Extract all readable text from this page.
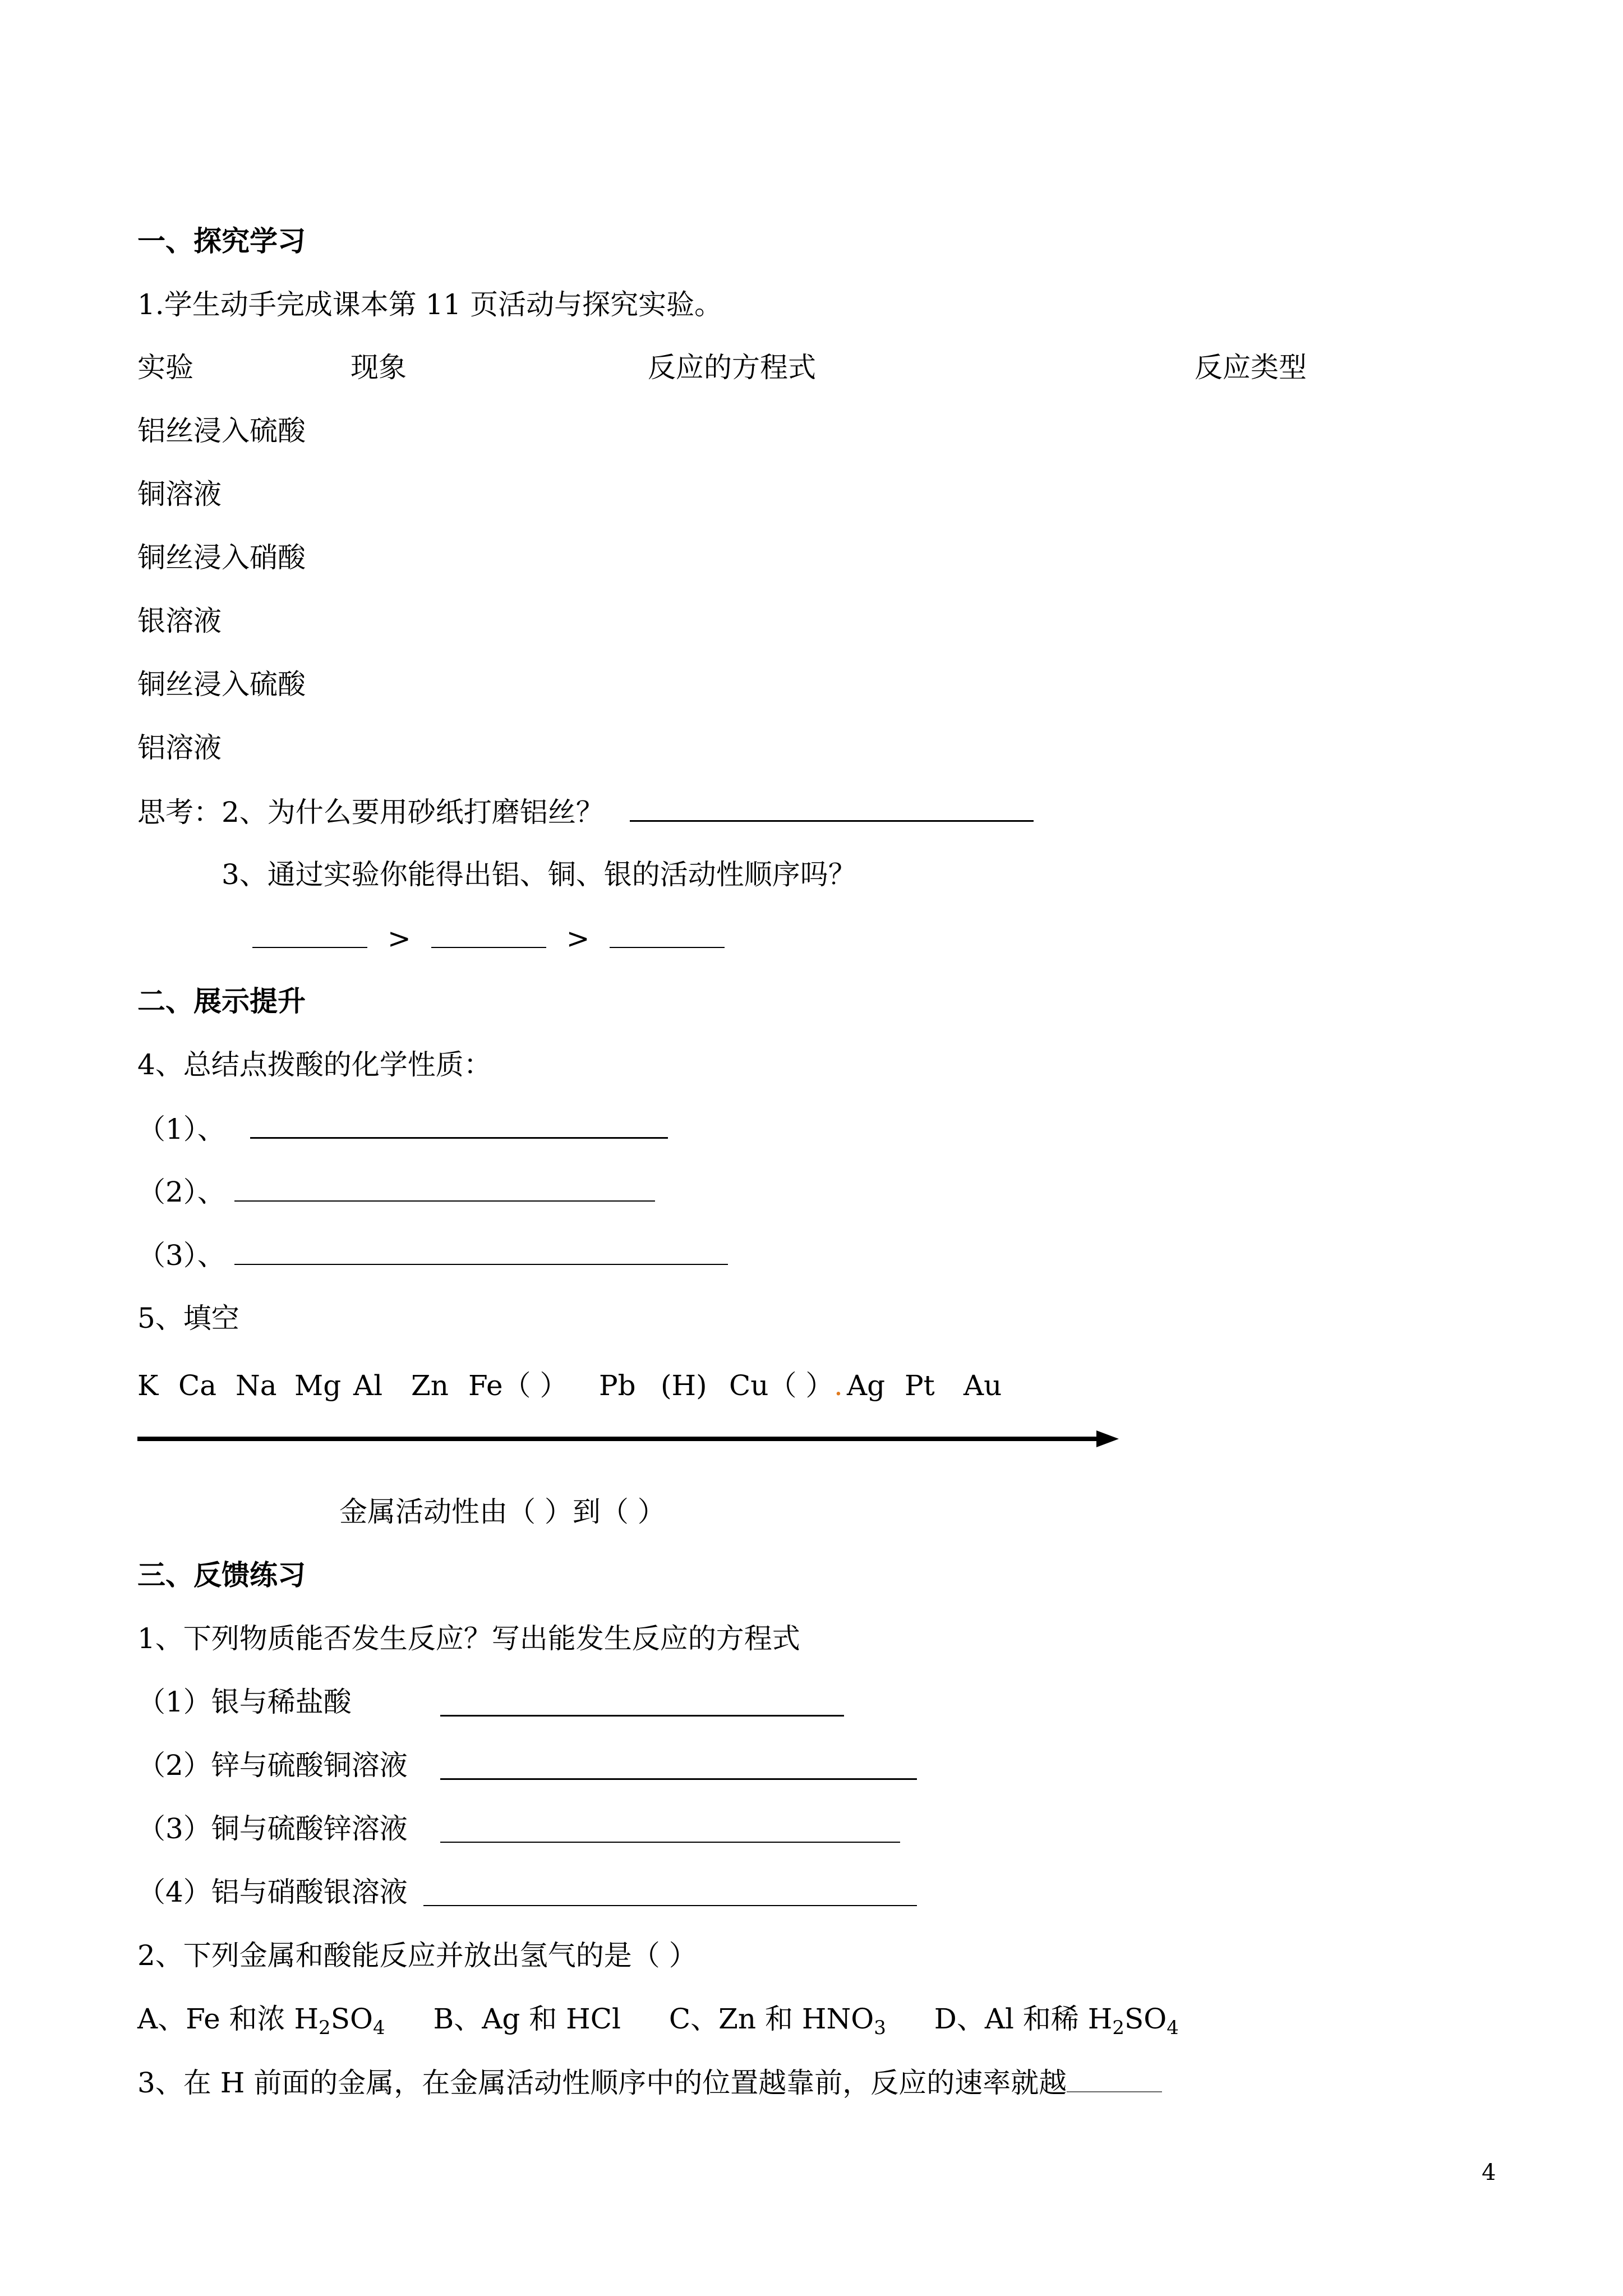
一、探究学习
1.学生动手完成课本第 11 页活动与探究实验。
实验	现象	反应的方程式	反应类型
铝丝浸入硫酸
铜溶液
铜丝浸入硝酸
银溶液
铜丝浸入硫酸
铝溶液
思考：2、为什么要用砂纸打磨铝丝？
3、通过实验你能得出铝、铜、银的活动性顺序吗？
>	>
二、展示提升
4、总结点拨酸的化学性质：
（1）、
（2）、
（3）、
5、填空
K Ca Na Mg Al Zn Fe（ ） Pb (H) Cu（ ） . Ag Pt Au
金属活动性由（ ）到（ ）
三、反馈练习
1、下列物质能否发生反应？写出能发生反应的方程式
（1）银与稀盐酸
（2）锌与硫酸铜溶液
（3）铜与硫酸锌溶液
（4）铝与硝酸银溶液
2、下列金属和酸能反应并放出氢气的是（ ）
A、Fe 和浓 $H_2SO_4$ B、Ag 和 HCl C、Zn 和 $HNO_3$ D、Al 和稀 $H_2SO_4$
3、在 H 前面的金属，在金属活动性顺序中的位置越靠前，反应的速率就越
4
